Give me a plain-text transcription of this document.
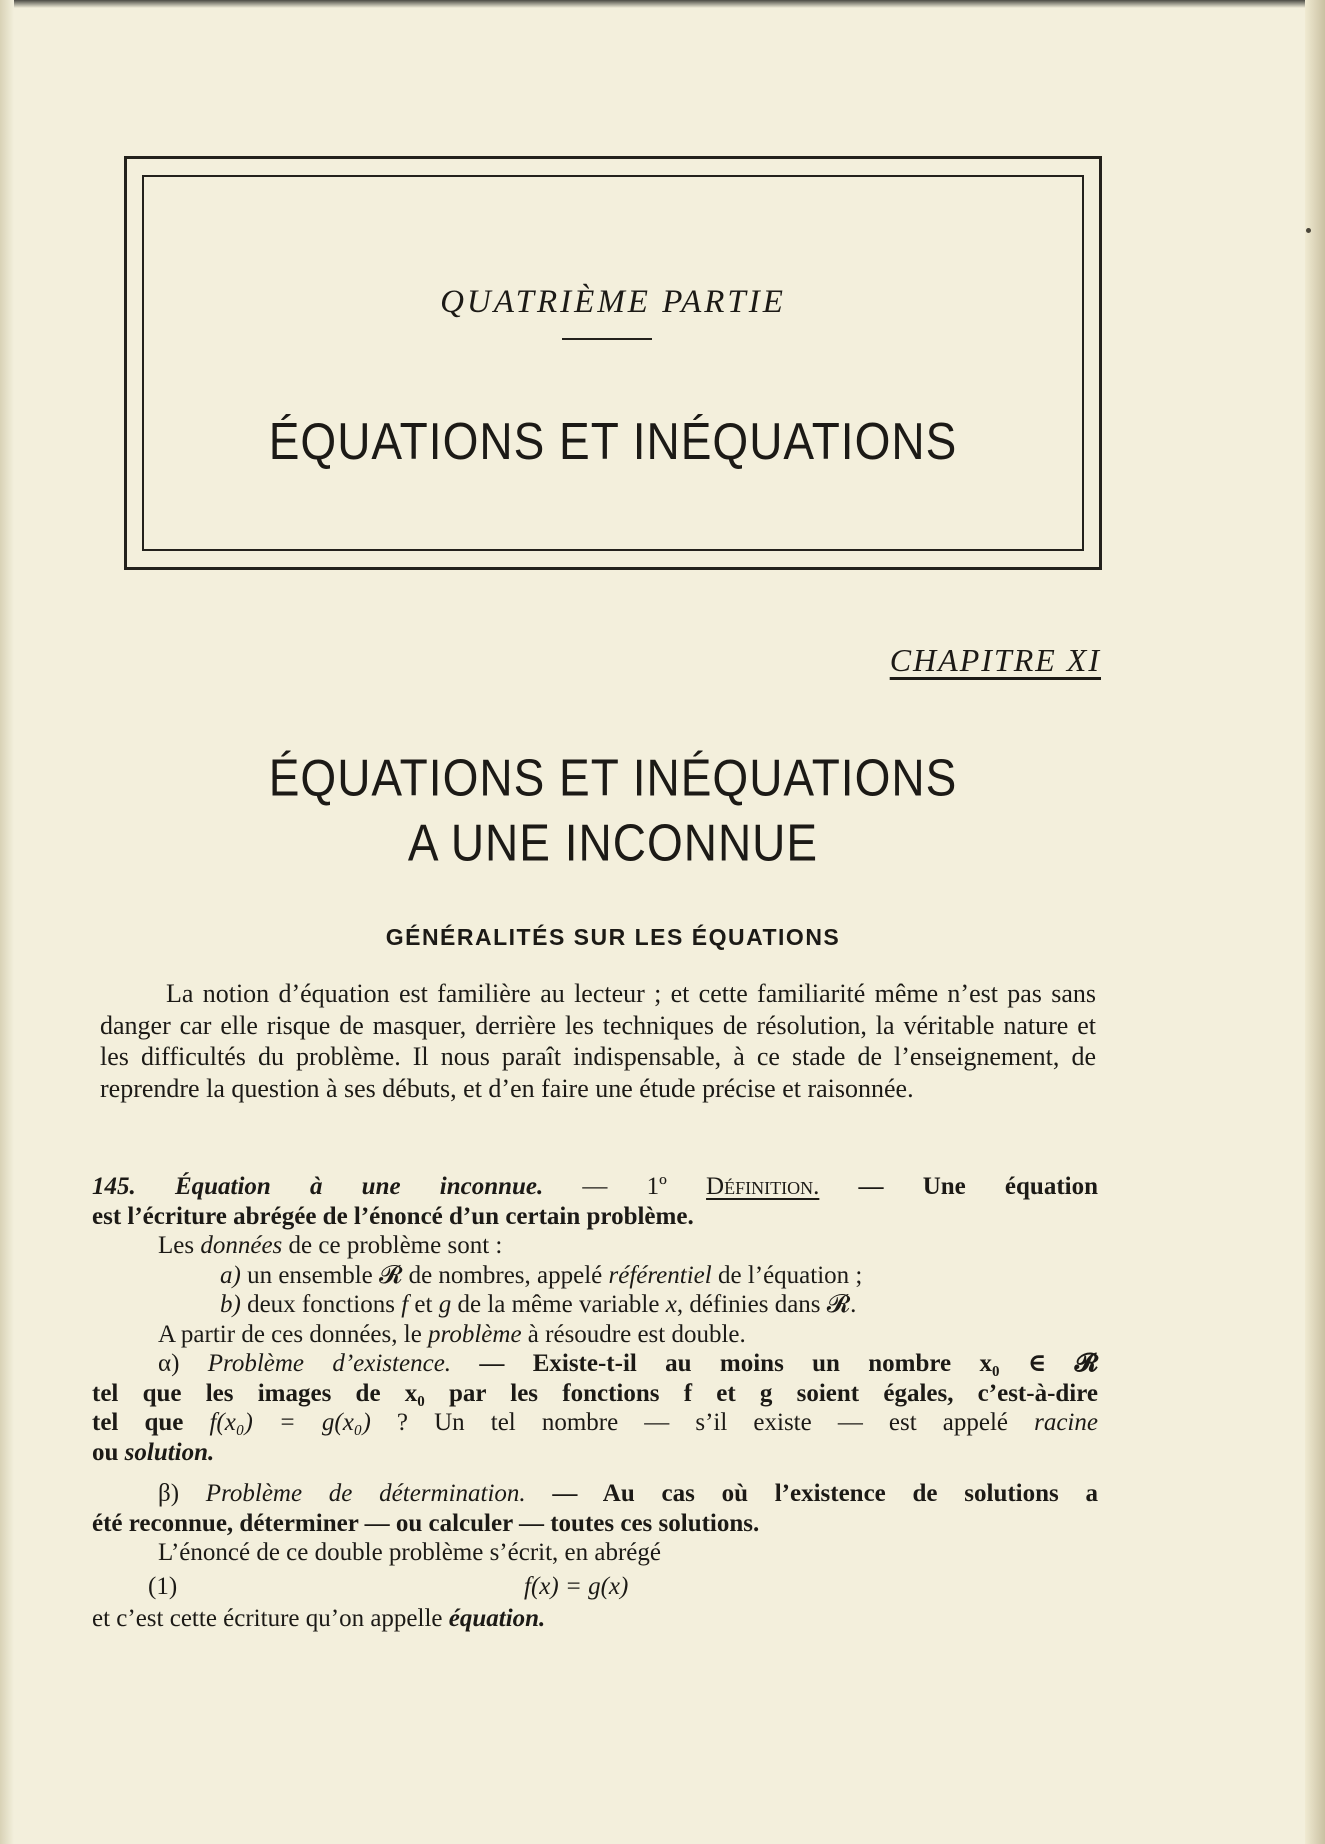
QUATRIÈME PARTIE
ÉQUATIONS ET INÉQUATIONS
CHAPITRE XI
ÉQUATIONS ET INÉQUATIONS
A UNE INCONNUE
GÉNÉRALITÉS SUR LES ÉQUATIONS

La notion d’équation est familière au lecteur ; et cette familiarité même n’est pas sans danger car elle risque de masquer, derrière les techniques de résolution, la véritable nature et les difficultés du problème. Il nous paraît indispensable, à ce stade de l’enseignement, de reprendre la question à ses débuts, et d’en faire une étude précise et raisonnée.

145. Équation à une inconnue. — 1º Définition. — Une équation
est l’écriture abrégée de l’énoncé d’un certain problème.
Les données de ce problème sont :
a) un ensemble 𝓡 de nombres, appelé référentiel de l’équation ;
b) deux fonctions f et g de la même variable x, définies dans 𝓡.
A partir de ces données, le problème à résoudre est double.
α) Problème d’existence. — Existe-t-il au moins un nombre x₀ ∈ 𝓡
tel que les images de x₀ par les fonctions f et g soient égales, c’est-à-dire
tel que f(x₀) = g(x₀) ? Un tel nombre — s’il existe — est appelé racine
ou solution.
β) Problème de détermination. — Au cas où l’existence de solutions a
été reconnue, déterminer — ou calculer — toutes ces solutions.
L’énoncé de ce double problème s’écrit, en abrégé
(1)	f(x) = g(x)
et c’est cette écriture qu’on appelle équation.
